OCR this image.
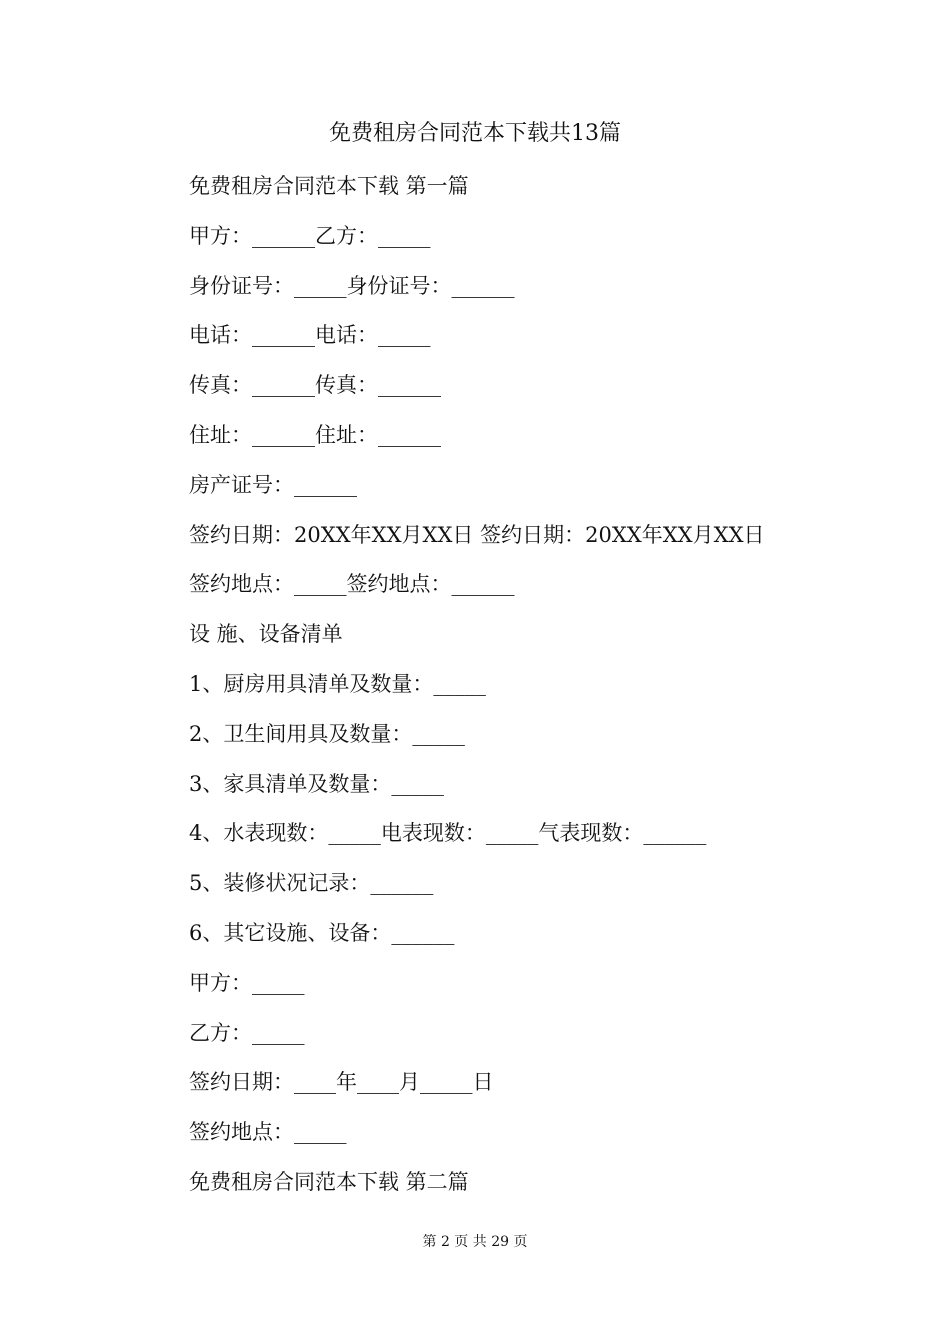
免费租房合同范本下载共13篇
免费租房合同范本下载 第一篇
甲方：______乙方：_____
身份证号：_____身份证号：______
电话：______电话：_____
传真：______传真：______
住址：______住址：______
房产证号：______
签约日期：20XX年XX月XX日 签约日期：20XX年XX月XX日
签约地点：_____签约地点：______
设 施、设备清单
1、厨房用具清单及数量：_____
2、卫生间用具及数量：_____
3、家具清单及数量：_____
4、水表现数：_____电表现数：_____气表现数：______
5、装修状况记录：______
6、其它设施、设备：______
甲方：_____
乙方：_____
签约日期：____年____月_____日
签约地点：_____
免费租房合同范本下载 第二篇
第 2 页 共 29 页
